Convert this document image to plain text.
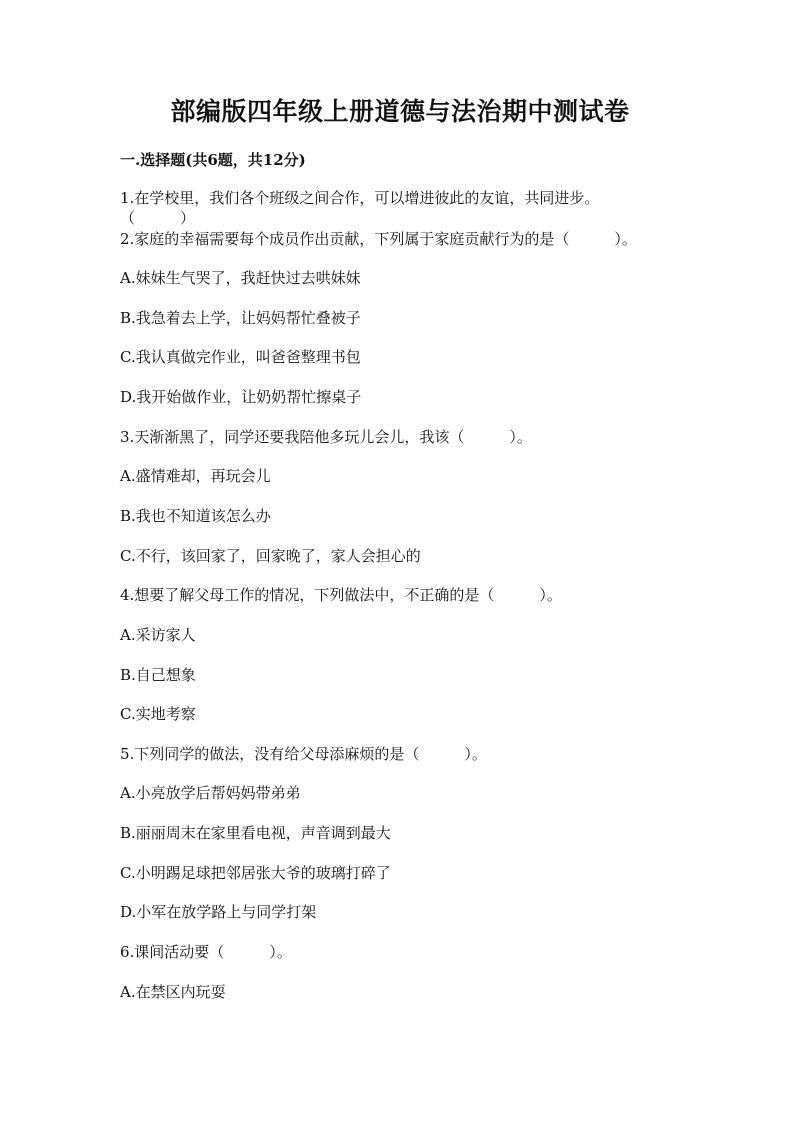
部编版四年级上册道德与法治期中测试卷
一.选择题(共6题，共12分)
1.在学校里，我们各个班级之间合作，可以增进彼此的友谊，共同进步。
（　　　）
2.家庭的幸福需要每个成员作出贡献，下列属于家庭贡献行为的是（　　　）。
A.妹妹生气哭了，我赶快过去哄妹妹
B.我急着去上学，让妈妈帮忙叠被子
C.我认真做完作业，叫爸爸整理书包
D.我开始做作业，让奶奶帮忙擦桌子
3.天渐渐黑了，同学还要我陪他多玩儿会儿，我该（　　　）。
A.盛情难却，再玩会儿
B.我也不知道该怎么办
C.不行，该回家了，回家晚了，家人会担心的
4.想要了解父母工作的情况，下列做法中，不正确的是（　　　）。
A.采访家人
B.自己想象
C.实地考察
5.下列同学的做法，没有给父母添麻烦的是（　　　）。
A.小亮放学后帮妈妈带弟弟
B.丽丽周末在家里看电视，声音调到最大
C.小明踢足球把邻居张大爷的玻璃打碎了
D.小军在放学路上与同学打架
6.课间活动要（　　　）。
A.在禁区内玩耍
